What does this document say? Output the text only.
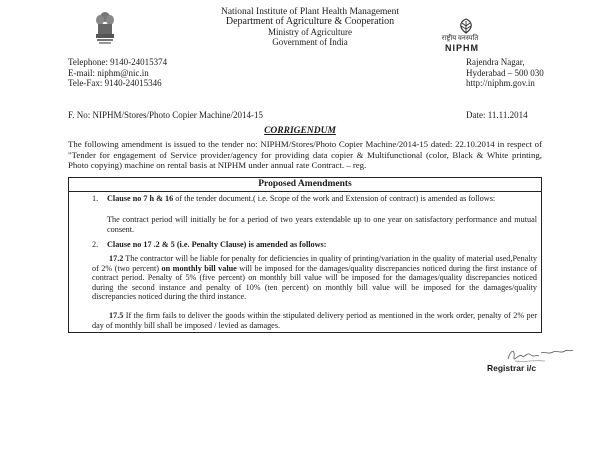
National Institute of Plant Health Management
Department of Agriculture & Cooperation
Ministry of Agriculture
Government of India	राष्ट्रीय वनस्पति
NIPHM
Telephone: 9140-24015374
E-mail: niphm@nic.in
Tele-Fax: 9140-24015346
Rajendra Nagar,
Hyderabad – 500 030
http://niphm.gov.in
F. No: NIPHM/Stores/Photo Copier Machine/2014-15	Date: 11.11.2014
CORRIGENDUM
The following amendment is issued to the tender no: NIPHM/Stores/Photo Copier Machine/2014-15 dated: 22.10.2014 in respect of "Tender for engagement of Service provider/agency for providing data copier & Multifunctional (color, Black & White printing, Photo copying) machine on rental basis at NIPHM under annual rate Contract. – reg.
Proposed Amendments
1. Clause no 7 h & 16 of the tender document.( i.e. Scope of the work and Extension of contract) is amended as follows:
The contract period will initially be for a period of two years extendable up to one year on satisfactory performance and mutual consent.
2. Clause no 17 .2 & 5 (i.e. Penalty Clause) is amended as follows:
17.2 The contractor will be liable for penalty for deficiencies in quality of printing/variation in the quality of material used,Penalty of 2% (two percent) on monthly bill value will be imposed for the damages/quality discrepancies noticed during the first instance of contract period. Penalty of 5% (five percent) on monthly bill value will be imposed for the damages/quality discrepancies noticed during the second instance and penalty of 10% (ten percent) on monthly bill value will be imposed for the damages/quality discrepancies noticed during the third instance.
17.5 If the firm fails to deliver the goods within the stipulated delivery period as mentioned in the work order, penalty of 2% per day of monthly bill shall be imposed / levied as damages.
Registrar i/c
